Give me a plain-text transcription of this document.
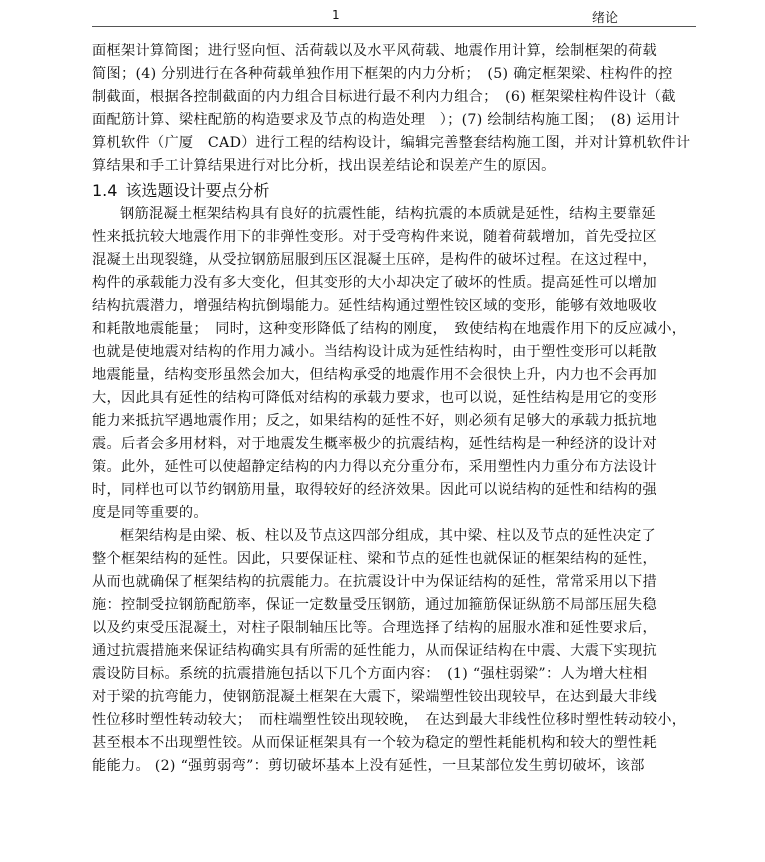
1	绪论
面框架计算简图；进行竖向恒、活荷载以及水平风荷载、地震作用计算，绘制框架的荷载
简图；(4) 分别进行在各种荷载单独作用下框架的内力分析；　(5) 确定框架梁、柱构件的控
制截面，根据各控制截面的内力组合目标进行最不利内力组合；　(6) 框架梁柱构件设计（截
面配筋计算、梁柱配筋的构造要求及节点的构造处理　）；(7) 绘制结构施工图；　(8) 运用计
算机软件（广厦　CAD）进行工程的结构设计，编辑完善整套结构施工图，并对计算机软件计
算结果和手工计算结果进行对比分析，找出误差结论和误差产生的原因。
1.4 该选题设计要点分析
钢筋混凝土框架结构具有良好的抗震性能，结构抗震的本质就是延性，结构主要靠延
性来抵抗较大地震作用下的非弹性变形。对于受弯构件来说，随着荷载增加，首先受拉区
混凝土出现裂缝，从受拉钢筋屈服到压区混凝土压碎，是构件的破坏过程。在这过程中，
构件的承载能力没有多大变化，但其变形的大小却决定了破坏的性质。提高延性可以增加
结构抗震潜力，增强结构抗倒塌能力。延性结构通过塑性铰区域的变形，能够有效地吸收
和耗散地震能量；　同时，这种变形降低了结构的刚度，　致使结构在地震作用下的反应减小，
也就是使地震对结构的作用力减小。当结构设计成为延性结构时，由于塑性变形可以耗散
地震能量，结构变形虽然会加大，但结构承受的地震作用不会很快上升，内力也不会再加
大，因此具有延性的结构可降低对结构的承载力要求，也可以说，延性结构是用它的变形
能力来抵抗罕遇地震作用；反之，如果结构的延性不好，则必须有足够大的承载力抵抗地
震。后者会多用材料，对于地震发生概率极少的抗震结构，延性结构是一种经济的设计对
策。此外，延性可以使超静定结构的内力得以充分重分布，采用塑性内力重分布方法设计
时，同样也可以节约钢筋用量，取得较好的经济效果。因此可以说结构的延性和结构的强
度是同等重要的。
框架结构是由梁、板、柱以及节点这四部分组成，其中梁、柱以及节点的延性决定了
整个框架结构的延性。因此，只要保证柱、梁和节点的延性也就保证的框架结构的延性，
从而也就确保了框架结构的抗震能力。在抗震设计中为保证结构的延性，常常采用以下措
施：控制受拉钢筋配筋率，保证一定数量受压钢筋，通过加箍筋保证纵筋不局部压屈失稳
以及约束受压混凝土，对柱子限制轴压比等。合理选择了结构的屈服水准和延性要求后，
通过抗震措施来保证结构确实具有所需的延性能力，从而保证结构在中震、大震下实现抗
震设防目标。系统的抗震措施包括以下几个方面内容：　(1) “强柱弱梁”：人为增大柱相
对于梁的抗弯能力，使钢筋混凝土框架在大震下，梁端塑性铰出现较早，在达到最大非线
性位移时塑性转动较大；　而柱端塑性铰出现较晚，　在达到最大非线性位移时塑性转动较小，
甚至根本不出现塑性铰。从而保证框架具有一个较为稳定的塑性耗能机构和较大的塑性耗
能能力。 (2) “强剪弱弯”：剪切破坏基本上没有延性，一旦某部位发生剪切破坏，该部
